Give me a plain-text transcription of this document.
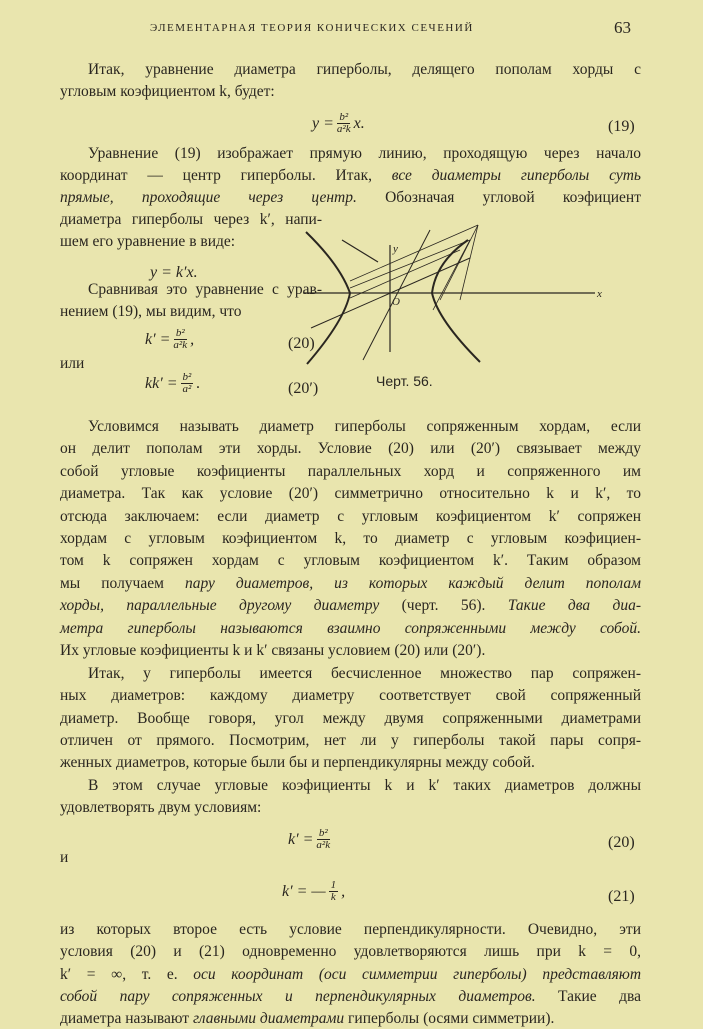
ЭЛЕМЕНТАРНАЯ ТЕОРИЯ КОНИЧЕСКИХ СЕЧЕНИЙ	63
Итак, уравнение диаметра гиперболы, делящего пополам хорды с
угловым коэфициентом k, будет:
Уравнение (19) изображает прямую линию, проходящую через начало
координат — центр гиперболы. Итак, все диаметры гиперболы суть
прямые, проходящие через центр. Обозначая угловой коэфициент
диаметра гиперболы через k′, напи-
шем его уравнение в виде:
Сравнивая это уравнение с урав-
нением (19), мы видим, что
или
Условимся называть диаметр гиперболы сопряженным хордам, если
он делит пополам эти хорды. Условие (20) или (20′) связывает между
собой угловые коэфициенты параллельных хорд и сопряженного им
диаметра. Так как условие (20′) симметрично относительно k и k′, то
отсюда заключаем: если диаметр с угловым коэфициентом k′ сопряжен
хордам с угловым коэфициентом k, то диаметр с угловым коэфициен-
том k сопряжен хордам с угловым коэфициентом k′. Таким образом
мы получаем пару диаметров, из которых каждый делит пополам
хорды, параллельные другому диаметру (черт. 56). Такие два диа-
метра гиперболы называются взаимно сопряженными между собой.
Их угловые коэфициенты k и k′ связаны условием (20) или (20′).
Итак, у гиперболы имеется бесчисленное множество пар сопряжен-
ных диаметров: каждому диаметру соответствует свой сопряженный
диаметр. Вообще говоря, угол между двумя сопряженными диаметрами
отличен от прямого. Посмотрим, нет ли у гиперболы такой пары сопря-
женных диаметров, которые были бы и перпендикулярны между собой.
В этом случае угловые коэфициенты k и k′ таких диаметров должны
удовлетворять двум условиям:
и
из которых второе есть условие перпендикулярности. Очевидно, эти
условия (20) и (21) одновременно удовлетворяются лишь при k = 0,
k′ = ∞, т. е. оси координат (оси симметрии гиперболы) представляют
собой пару сопряженных и перпендикулярных диаметров. Такие два
диаметра называют главными диаметрами гиперболы (осями симметрии).
$y = \frac{\text{b²}}{\text{a²k}} x$.	(19)
y = k′x.
$k' = \frac{\text{b²}}{\text{a²k}}$ ,	(20)
$kk' = \frac{\text{b²}}{\text{a²}}$ .	(20′)
$k' = \frac{\text{b²}}{\text{a²k}}$	(20)
k′ = — $\frac{1}{k}$ ,	(21)
y
x
O
Черт. 56.
